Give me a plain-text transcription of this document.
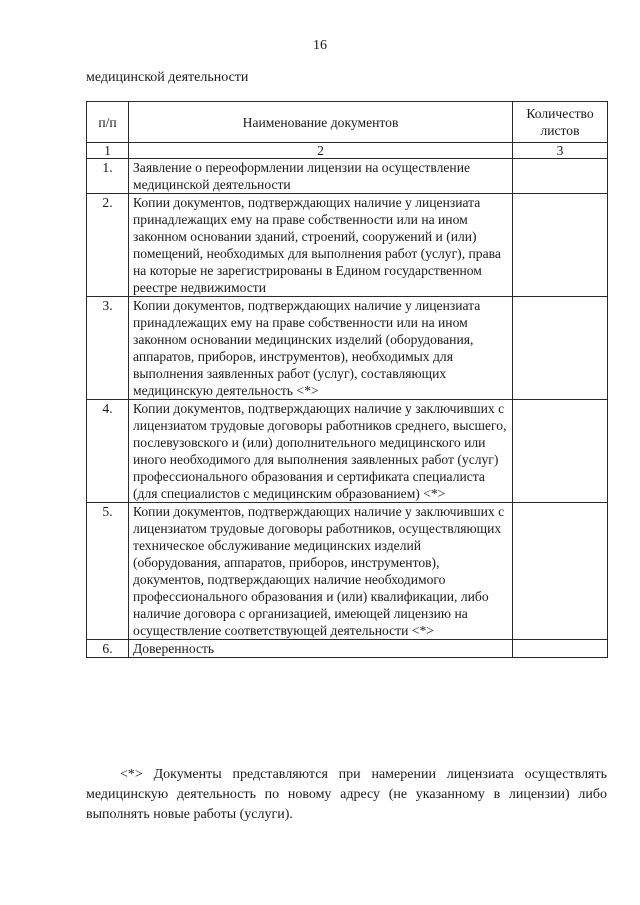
16
медицинской деятельности
п/п	Наименование документов	Количество листов
1	2	3
1.	Заявление о переоформлении лицензии на осуществление медицинской деятельности	
2.	Копии документов, подтверждающих наличие у лицензиата принадлежащих ему на праве собственности или на ином законном основании зданий, строений, сооружений и (или) помещений, необходимых для выполнения работ (услуг), права на которые не зарегистрированы в Едином государственном реестре недвижимости	
3.	Копии документов, подтверждающих наличие у лицензиата принадлежащих ему на праве собственности или на ином законном основании медицинских изделий (оборудования, аппаратов, приборов, инструментов), необходимых для выполнения заявленных работ (услуг), составляющих медицинскую деятельность <*>	
4.	Копии документов, подтверждающих наличие у заключивших с лицензиатом трудовые договоры работников среднего, высшего, послевузовского и (или) дополнительного медицинского или иного необходимого для выполнения заявленных работ (услуг) профессионального образования и сертификата специалиста (для специалистов с медицинским образованием) <*>	
5.	Копии документов, подтверждающих наличие у заключивших с лицензиатом трудовые договоры работников, осуществляющих техническое обслуживание медицинских изделий (оборудования, аппаратов, приборов, инструментов), документов, подтверждающих наличие необходимого профессионального образования и (или) квалификации, либо наличие договора с организацией, имеющей лицензию на осуществление соответствующей деятельности <*>	
6.	Доверенность	
<*> Документы представляются при намерении лицензиата осуществлять медицинскую деятельность по новому адресу (не указанному в лицензии) либо выполнять новые работы (услуги).
